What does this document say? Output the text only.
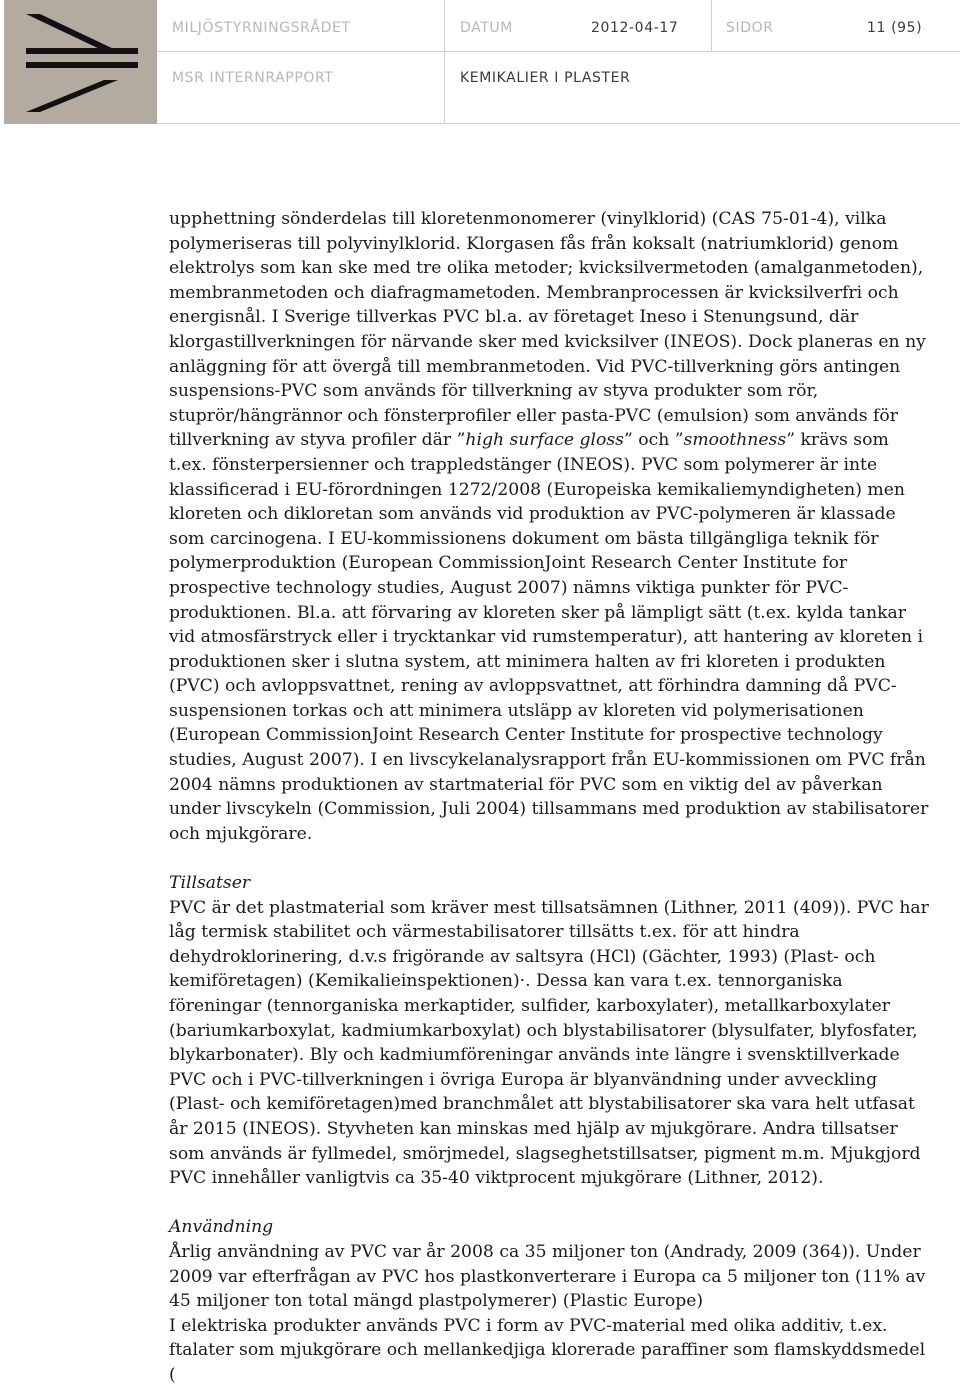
MILJÖSTYRNINGSRÅDET	DATUM	2012-04-17	SIDOR	11 (95)
MSR INTERNRAPPORT	KEMIKALIER I PLASTER

upphettning sönderdelas till kloretenmonomerer (vinylklorid) (CAS 75-01-4), vilka polymeriseras till polyvinylklorid. Klorgasen fås från koksalt (natriumklorid) genom elektrolys som kan ske med tre olika metoder; kvicksilvermetoden (amalganmetoden), membranmetoden och diafragmametoden. Membranprocessen är kvicksilverfri och energisnål. I Sverige tillverkas PVC bl.a. av företaget Ineso i Stenungsund, där klorgastillverkningen för närvande sker med kvicksilver (INEOS). Dock planeras en ny anläggning för att övergå till membranmetoden. Vid PVC-tillverkning görs antingen suspensions-PVC som används för tillverkning av styva produkter som rör, stuprör/hängrännor och fönsterprofiler eller pasta-PVC (emulsion) som används för tillverkning av styva profiler där ”high surface gloss” och ”smoothness” krävs som t.ex. fönsterpersienner och trappledstänger (INEOS). PVC som polymerer är inte klassificerad i EU-förordningen 1272/2008 (Europeiska kemikaliemyndigheten) men kloreten och dikloretan som används vid produktion av PVC-polymeren är klassade som carcinogena. I EU-kommissionens dokument om bästa tillgängliga teknik för polymerproduktion (European CommissionJoint Research Center Institute for prospective technology studies, August 2007) nämns viktiga punkter för PVC-produktionen. Bl.a. att förvaring av kloreten sker på lämpligt sätt (t.ex. kylda tankar vid atmosfärstryck eller i trycktankar vid rumstemperatur), att hantering av kloreten i produktionen sker i slutna system, att minimera halten av fri kloreten i produkten (PVC) och avloppsvattnet, rening av avloppsvattnet, att förhindra damning då PVC-suspensionen torkas och att minimera utsläpp av kloreten vid polymerisationen (European CommissionJoint Research Center Institute for prospective technology studies, August 2007). I en livscykelanalysrapport från EU-kommissionen om PVC från 2004 nämns produktionen av startmaterial för PVC som en viktig del av påverkan under livscykeln (Commission, Juli 2004) tillsammans med produktion av stabilisatorer och mjukgörare.

Tillsatser

PVC är det plastmaterial som kräver mest tillsatsämnen (Lithner, 2011 (409)). PVC har låg termisk stabilitet och värmestabilisatorer tillsätts t.ex. för att hindra dehydroklorinering, d.v.s frigörande av saltsyra (HCl) (Gächter, 1993) (Plast- och kemiföretagen) (Kemikalieinspektionen)·. Dessa kan vara t.ex. tennorganiska föreningar (tennorganiska merkaptider, sulfider, karboxylater), metallkarboxylater (bariumkarboxylat, kadmiumkarboxylat) och blystabilisatorer (blysulfater, blyfosfater, blykarbonater). Bly och kadmiumföreningar används inte längre i svensktillverkade PVC och i PVC-tillverkningen i övriga Europa är blyanvändning under avveckling (Plast- och kemiföretagen)med branchmålet att blystabilisatorer ska vara helt utfasat år 2015 (INEOS). Styvheten kan minskas med hjälp av mjukgörare. Andra tillsatser som används är fyllmedel, smörjmedel, slagseghetstillsatser, pigment m.m. Mjukgjord PVC innehåller vanligtvis ca 35-40 viktprocent mjukgörare (Lithner, 2012).

Användning

Årlig användning av PVC var år 2008 ca 35 miljoner ton (Andrady, 2009 (364)). Under 2009 var efterfrågan av PVC hos plastkonverterare i Europa ca 5 miljoner ton (11% av 45 miljoner ton total mängd plastpolymerer) (Plastic Europe)

I elektriska produkter används PVC i form av PVC-material med olika additiv, t.ex. ftalater som mjukgörare och mellankedjiga klorerade paraffiner som flamskyddsmedel (
